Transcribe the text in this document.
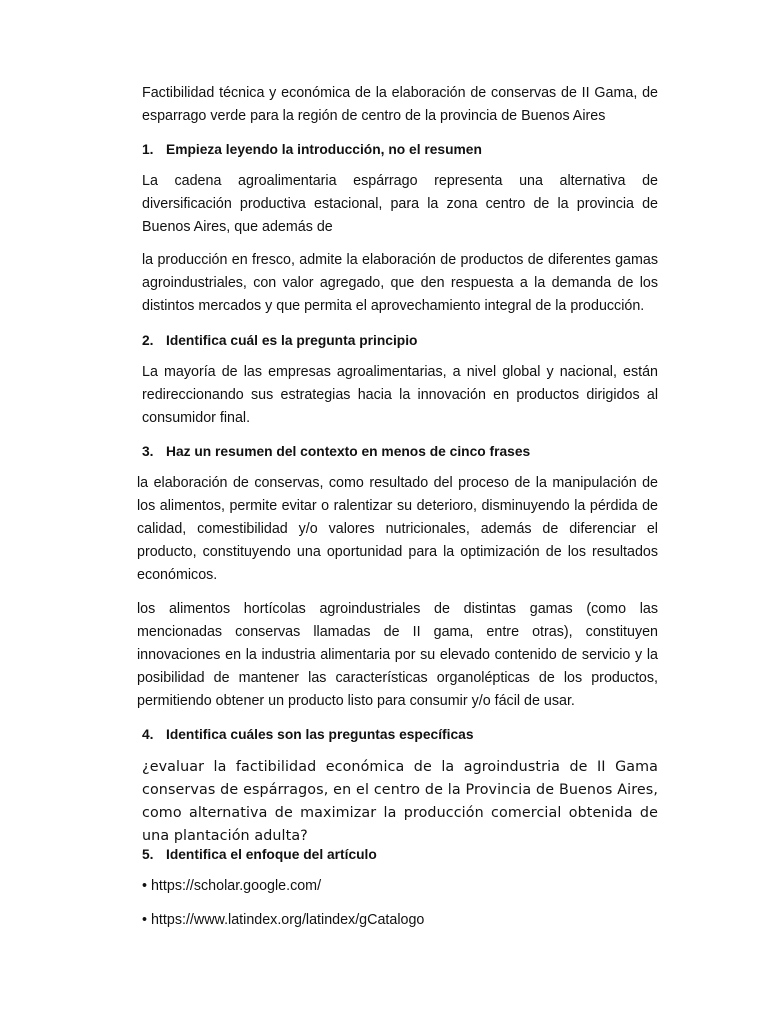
Factibilidad técnica y económica de la elaboración de conservas de II Gama, de esparrago verde para la región de centro de la provincia de Buenos Aires

1. Empieza leyendo la introducción, no el resumen

La cadena agroalimentaria espárrago representa una alternativa de diversificación productiva estacional, para la zona centro de la provincia de Buenos Aires, que además de

la producción en fresco, admite la elaboración de productos de diferentes gamas agroindustriales, con valor agregado, que den respuesta a la demanda de los distintos mercados y que permita el aprovechamiento integral de la producción.

2. Identifica cuál es la pregunta principio

La mayoría de las empresas agroalimentarias, a nivel global y nacional, están redireccionando sus estrategias hacia la innovación en productos dirigidos al consumidor final.

3. Haz un resumen del contexto en menos de cinco frases

la elaboración de conservas, como resultado del proceso de la manipulación de los alimentos, permite evitar o ralentizar su deterioro, disminuyendo la pérdida de calidad, comestibilidad y/o valores nutricionales, además de diferenciar el producto, constituyendo una oportunidad para la optimización de los resultados económicos.

los alimentos hortícolas agroindustriales de distintas gamas (como las mencionadas conservas llamadas de II gama, entre otras), constituyen innovaciones en la industria alimentaria por su elevado contenido de servicio y la posibilidad de mantener las características organolépticas de los productos, permitiendo obtener un producto listo para consumir y/o fácil de usar.

4. Identifica cuáles son las preguntas específicas

¿evaluar la factibilidad económica de la agroindustria de II Gama conservas de espárragos, en el centro de la Provincia de Buenos Aires, como alternativa de maximizar la producción comercial obtenida de una plantación adulta?

5. Identifica el enfoque del artículo
• https://scholar.google.com/
• https://www.latindex.org/latindex/gCatalogo
